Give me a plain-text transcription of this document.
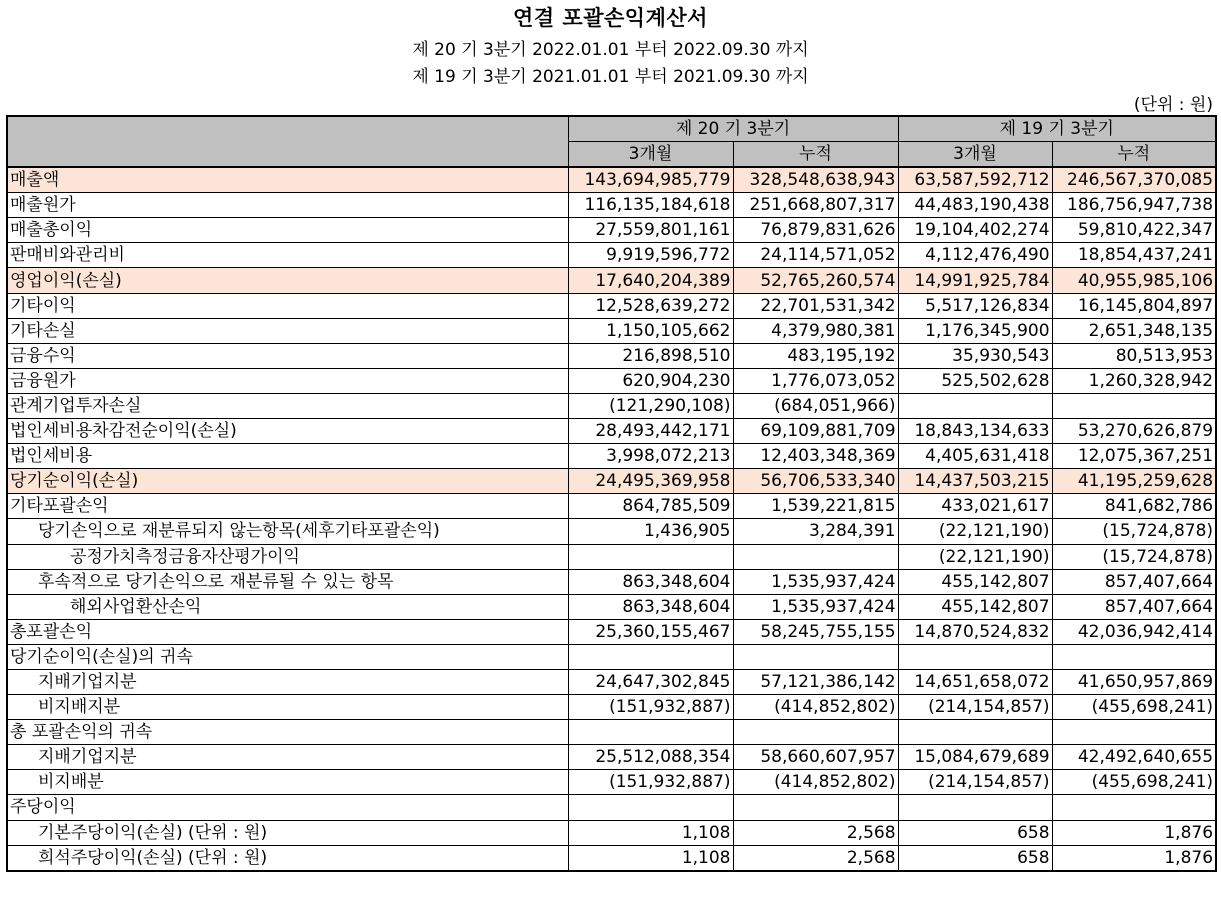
연결 포괄손익계산서
제 20 기 3분기 2022.01.01 부터 2022.09.30 까지
제 19 기 3분기 2021.01.01 부터 2021.09.30 까지
(단위 : 원)
	제 20 기 3분기		제 19 기 3분기	
	3개월	누적	3개월	누적
매출액	143,694,985,779	328,548,638,943	63,587,592,712	246,567,370,085
매출원가	116,135,184,618	251,668,807,317	44,483,190,438	186,756,947,738
매출총이익	27,559,801,161	76,879,831,626	19,104,402,274	59,810,422,347
판매비와관리비	9,919,596,772	24,114,571,052	4,112,476,490	18,854,437,241
영업이익(손실)	17,640,204,389	52,765,260,574	14,991,925,784	40,955,985,106
기타이익	12,528,639,272	22,701,531,342	5,517,126,834	16,145,804,897
기타손실	1,150,105,662	4,379,980,381	1,176,345,900	2,651,348,135
금융수익	216,898,510	483,195,192	35,930,543	80,513,953
금융원가	620,904,230	1,776,073,052	525,502,628	1,260,328,942
관계기업투자손실	(121,290,108)	(684,051,966)		
법인세비용차감전순이익(손실)	28,493,442,171	69,109,881,709	18,843,134,633	53,270,626,879
법인세비용	3,998,072,213	12,403,348,369	4,405,631,418	12,075,367,251
당기순이익(손실)	24,495,369,958	56,706,533,340	14,437,503,215	41,195,259,628
기타포괄손익	864,785,509	1,539,221,815	433,021,617	841,682,786
당기손익으로 재분류되지 않는항목(세후기타포괄손익)	1,436,905	3,284,391	(22,121,190)	(15,724,878)
공정가치측정금융자산평가이익			(22,121,190)	(15,724,878)
후속적으로 당기손익으로 재분류될 수 있는 항목	863,348,604	1,535,937,424	455,142,807	857,407,664
해외사업환산손익	863,348,604	1,535,937,424	455,142,807	857,407,664
총포괄손익	25,360,155,467	58,245,755,155	14,870,524,832	42,036,942,414
당기순이익(손실)의 귀속				
지배기업지분	24,647,302,845	57,121,386,142	14,651,658,072	41,650,957,869
비지배지분	(151,932,887)	(414,852,802)	(214,154,857)	(455,698,241)
총 포괄손익의 귀속				
지배기업지분	25,512,088,354	58,660,607,957	15,084,679,689	42,492,640,655
비지배분	(151,932,887)	(414,852,802)	(214,154,857)	(455,698,241)
주당이익				
기본주당이익(손실) (단위 : 원)	1,108	2,568	658	1,876
희석주당이익(손실) (단위 : 원)	1,108	2,568	658	1,876
